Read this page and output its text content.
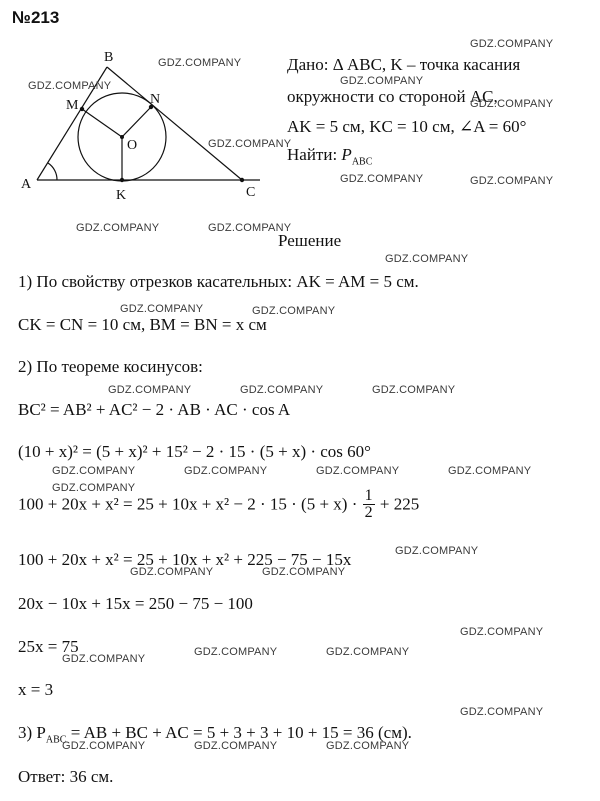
№213
A
B
C
M	N
O
K
Дано: Δ ABC, K – точка касания
окружности со стороной AC,
AK = 5 см, KC = 10 см, ∠A = 60°
Найти: $P_{ABC}$
Решение
1) По свойству отрезков касательных: AK = AM = 5 см.
CK = CN = 10 см, BM = BN = x см
2) По теореме косинусов:
BC² = AB² + AC² − 2 · AB · AC · cos A
(10 + x)² = (5 + x)² + 15² − 2 · 15 · (5 + x) · cos 60°
$100 + 20x + x^2 = 25 + 10x + x^2 - 2 \cdot 15 \cdot (5 + x) \cdot \frac{1}{2} + 225$
100 + 20x + x² = 25 + 10x + x² + 225 − 75 − 15x
20x − 10x + 15x = 250 − 75 − 100
25x = 75
x = 3
3) $P_{ABC}$ = AB + BC + AC = 5 + 3 + 3 + 10 + 15 = 36 (см).
Ответ: 36 см.
GDZ.COMPANY
GDZ.COMPANY
GDZ.COMPANY	GDZ.COMPANY
GDZ.COMPANY
GDZ.COMPANY
GDZ.COMPANY	GDZ.COMPANY
GDZ.COMPANY	GDZ.COMPANY
GDZ.COMPANY
GDZ.COMPANY	GDZ.COMPANY
GDZ.COMPANY	GDZ.COMPANY	GDZ.COMPANY
GDZ.COMPANY	GDZ.COMPANY	GDZ.COMPANY	GDZ.COMPANY
GDZ.COMPANY
GDZ.COMPANY
GDZ.COMPANY	GDZ.COMPANY
GDZ.COMPANY
GDZ.COMPANY
GDZ.COMPANY	GDZ.COMPANY
GDZ.COMPANY
GDZ.COMPANY	GDZ.COMPANY	GDZ.COMPANY
